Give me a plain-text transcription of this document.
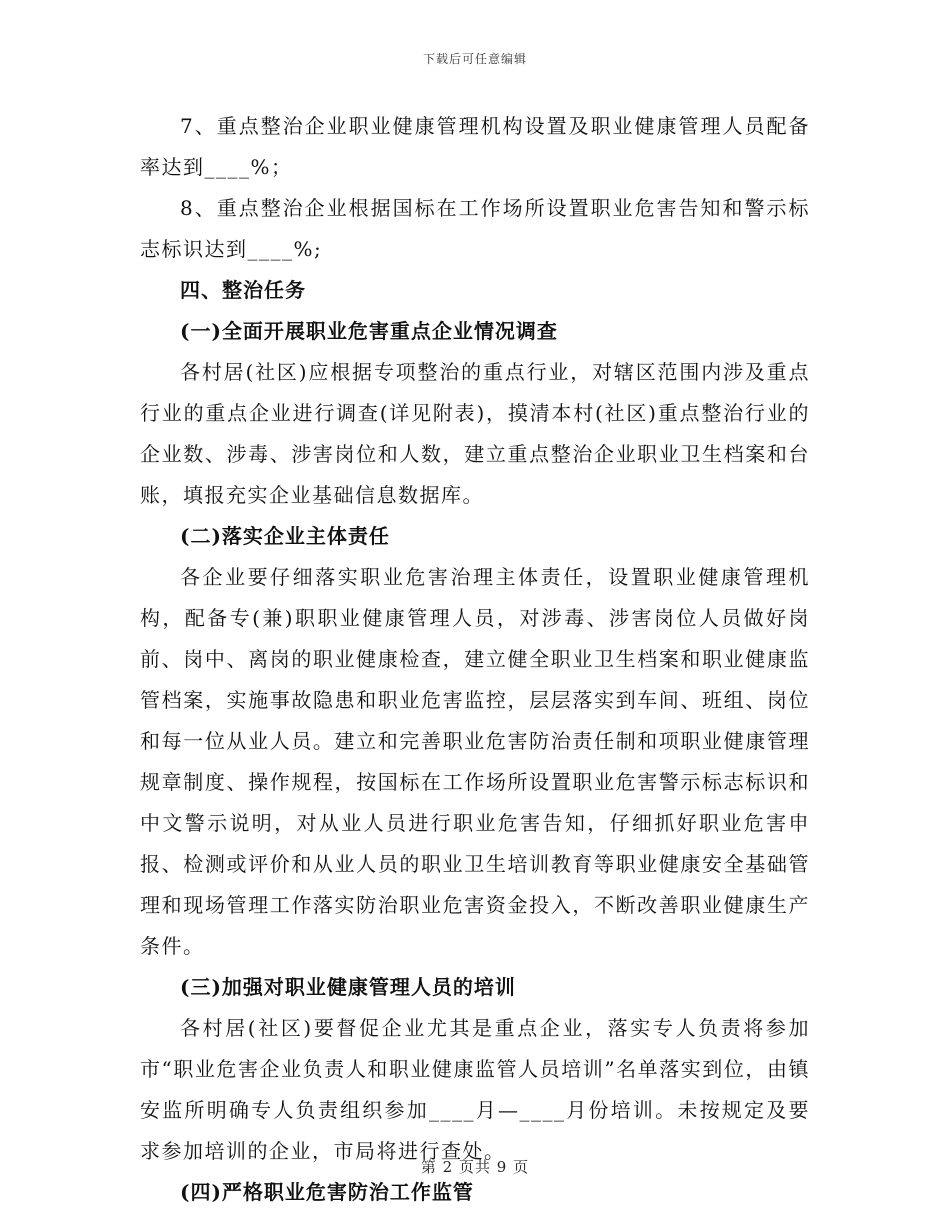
下载后可任意编辑

7、重点整治企业职业健康管理机构设置及职业健康管理人员配备率达到____%；

8、重点整治企业根据国标在工作场所设置职业危害告知和警示标志标识达到____%;

四、整治任务

(一)全面开展职业危害重点企业情况调查

各村居(社区)应根据专项整治的重点行业，对辖区范围内涉及重点行业的重点企业进行调查(详见附表)，摸清本村(社区)重点整治行业的企业数、涉毒、涉害岗位和人数，建立重点整治企业职业卫生档案和台账，填报充实企业基础信息数据库。

(二)落实企业主体责任

各企业要仔细落实职业危害治理主体责任，设置职业健康管理机构，配备专(兼)职职业健康管理人员，对涉毒、涉害岗位人员做好岗前、岗中、离岗的职业健康检查，建立健全职业卫生档案和职业健康监管档案，实施事故隐患和职业危害监控，层层落实到车间、班组、岗位和每一位从业人员。建立和完善职业危害防治责任制和项职业健康管理规章制度、操作规程，按国标在工作场所设置职业危害警示标志标识和中文警示说明，对从业人员进行职业危害告知，仔细抓好职业危害申报、检测或评价和从业人员的职业卫生培训教育等职业健康安全基础管理和现场管理工作落实防治职业危害资金投入，不断改善职业健康生产条件。

(三)加强对职业健康管理人员的培训

各村居(社区)要督促企业尤其是重点企业，落实专人负责将参加市“职业危害企业负责人和职业健康监管人员培训”名单落实到位，由镇安监所明确专人负责组织参加____月—____月份培训。未按规定及要求参加培训的企业，市局将进行查处。

(四)严格职业危害防治工作监管

第 2 页共 9 页
